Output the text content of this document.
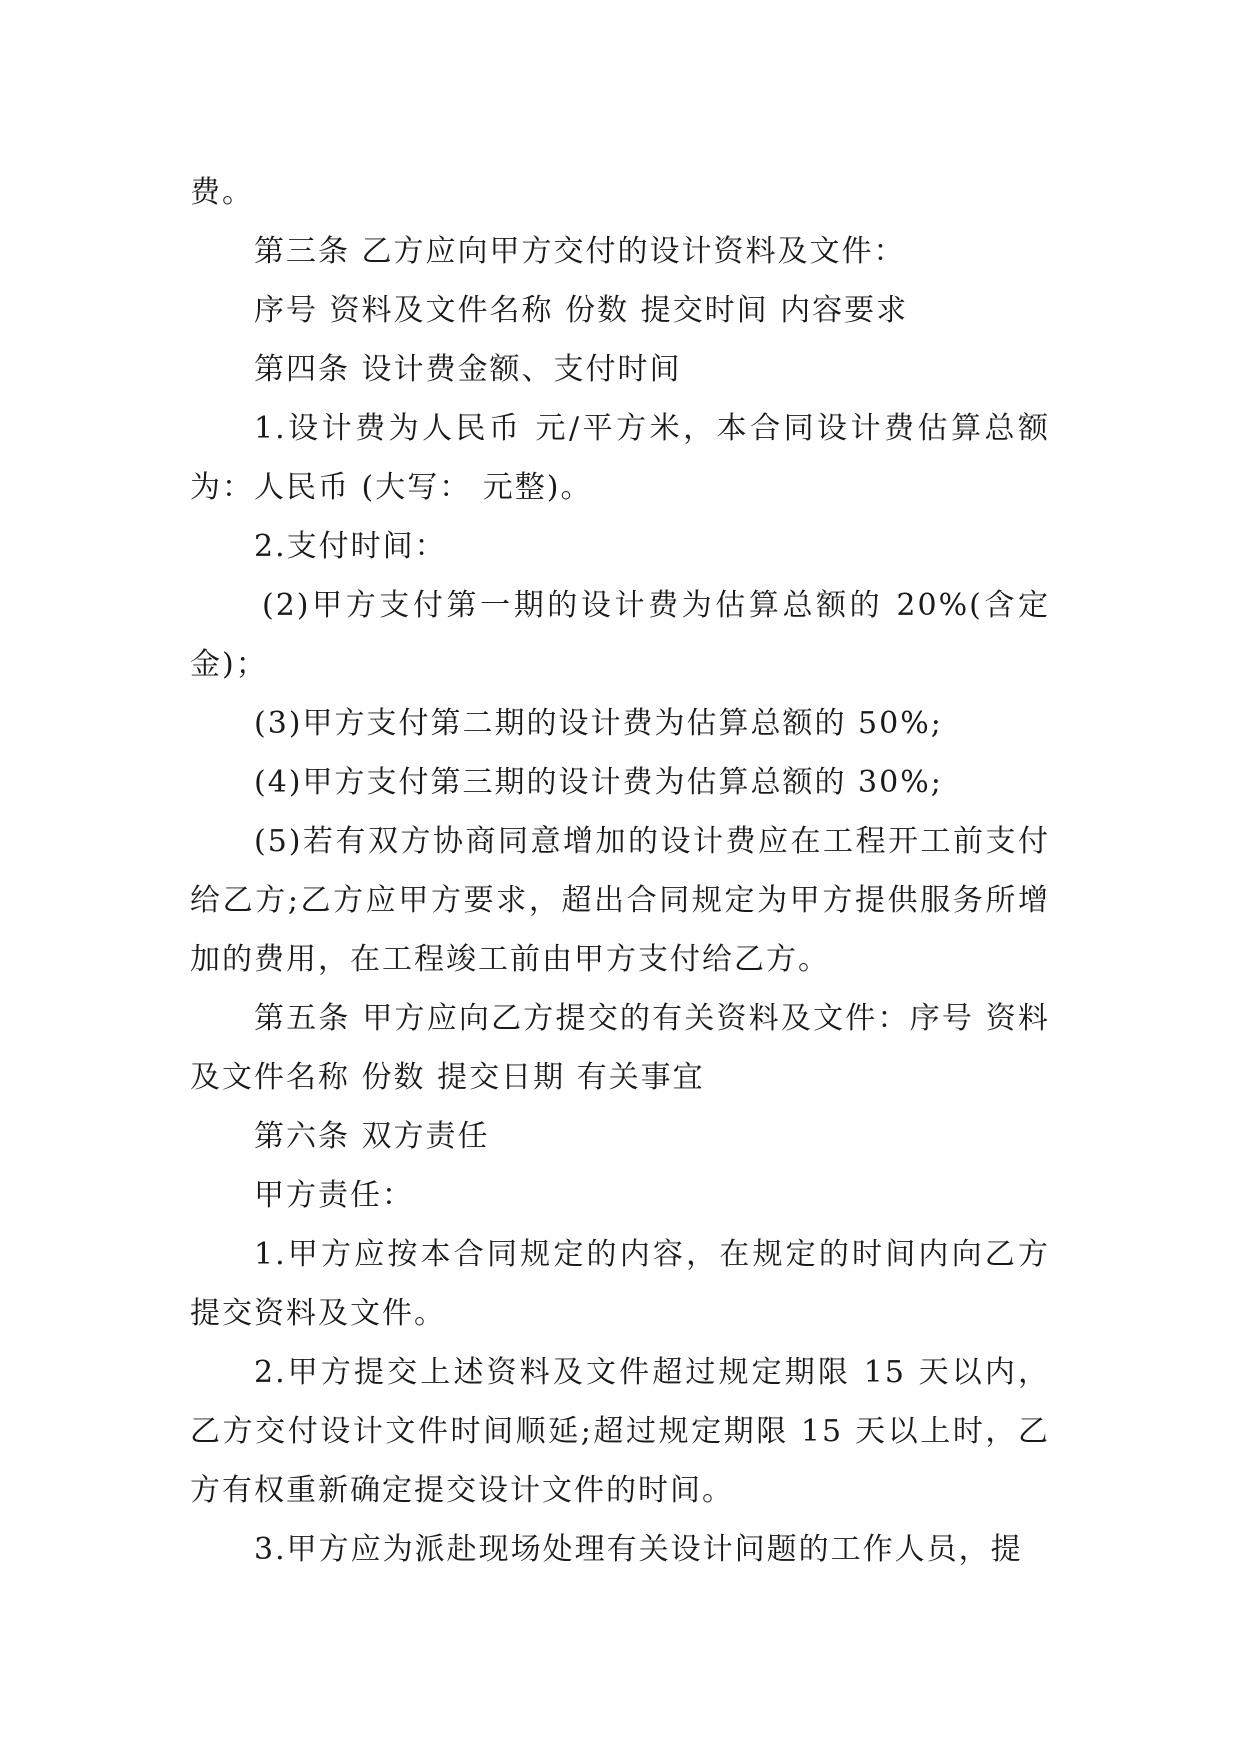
费。

第三条 乙方应向甲方交付的设计资料及文件：

序号 资料及文件名称 份数 提交时间 内容要求

第四条 设计费金额、支付时间

1.设计费为人民币 元/平方米，本合同设计费估算总额为：人民币 (大写： 元整)。

2.支付时间：

(2)甲方支付第一期的设计费为估算总额的 20%(含定金)；

(3)甲方支付第二期的设计费为估算总额的 50%;

(4)甲方支付第三期的设计费为估算总额的 30%;

(5)若有双方协商同意增加的设计费应在工程开工前支付给乙方;乙方应甲方要求，超出合同规定为甲方提供服务所增加的费用，在工程竣工前由甲方支付给乙方。

第五条 甲方应向乙方提交的有关资料及文件：序号 资料及文件名称 份数 提交日期 有关事宜

第六条 双方责任

甲方责任：

1.甲方应按本合同规定的内容，在规定的时间内向乙方提交资料及文件。

2.甲方提交上述资料及文件超过规定期限 15 天以内，乙方交付设计文件时间顺延;超过规定期限 15 天以上时，乙方有权重新确定提交设计文件的时间。

3.甲方应为派赴现场处理有关设计问题的工作人员，提
